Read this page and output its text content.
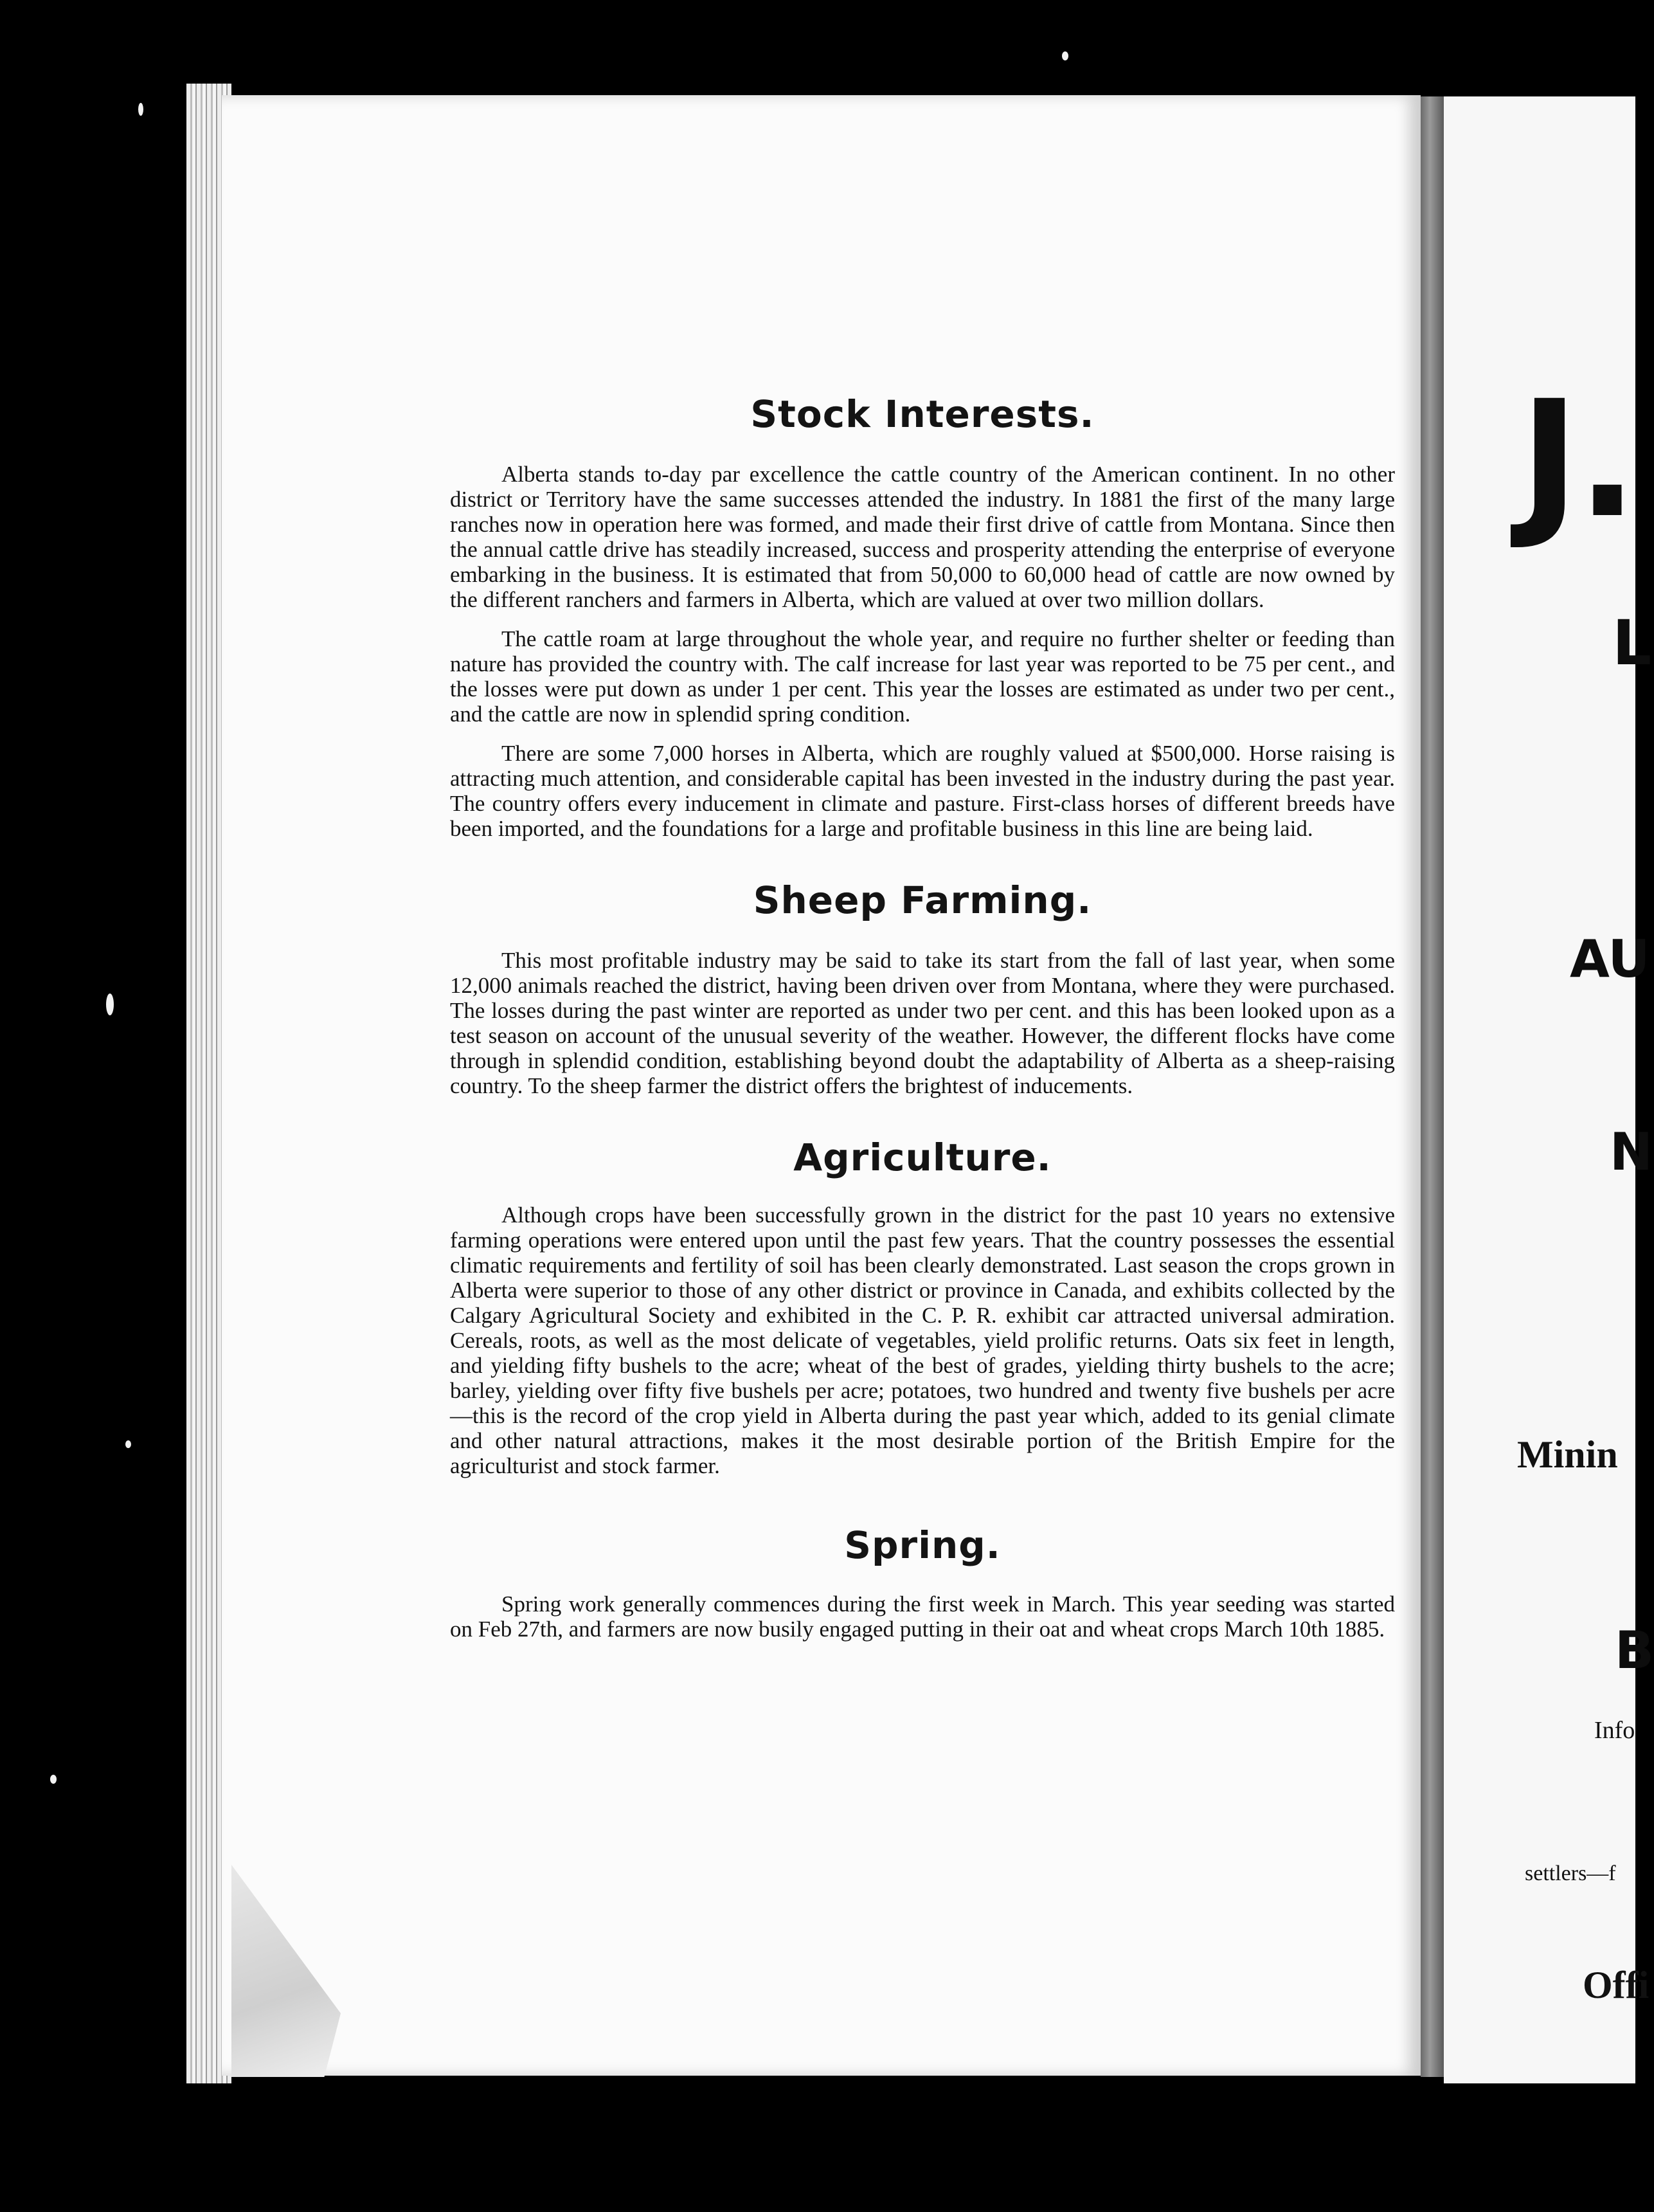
Stock Interests.

Alberta stands to-day par excellence the cattle country of the American continent. In no other district or Territory have the same successes attended the industry. In 1881 the first of the many large ranches now in operation here was formed, and made their first drive of cattle from Montana. Since then the annual cattle drive has steadily increased, success and prosperity attending the enterprise of everyone embarking in the business. It is estimated that from 50,000 to 60,000 head of cattle are now owned by the different ranchers and farmers in Alberta, which are valued at over two million dollars.

The cattle roam at large throughout the whole year, and require no further shelter or feeding than nature has provided the country with. The calf increase for last year was reported to be 75 per cent., and the losses were put down as under 1 per cent. This year the losses are estimated as under two per cent., and the cattle are now in splendid spring condition.

There are some 7,000 horses in Alberta, which are roughly valued at $500,000. Horse raising is attracting much attention, and considerable capital has been invested in the industry during the past year. The country offers every inducement in climate and pasture. First-class horses of different breeds have been imported, and the foundations for a large and profitable business in this line are being laid.

Sheep Farming.

This most profitable industry may be said to take its start from the fall of last year, when some 12,000 animals reached the district, having been driven over from Montana, where they were purchased. The losses during the past winter are reported as under two per cent. and this has been looked upon as a test season on account of the unusual severity of the weather. However, the different flocks have come through in splendid condition, establishing beyond doubt the adaptability of Alberta as a sheep-raising country. To the sheep farmer the district offers the brightest of inducements.

Agriculture.

Although crops have been successfully grown in the district for the past 10 years no extensive farming operations were entered upon until the past few years. That the country possesses the essential climatic requirements and fertility of soil has been clearly demonstrated. Last season the crops grown in Alberta were superior to those of any other district or province in Canada, and exhibits collected by the Calgary Agricultural Society and exhibited in the C. P. R. exhibit car attracted universal admiration. Cereals, roots, as well as the most delicate of vegetables, yield prolific returns. Oats six feet in length, and yielding fifty bushels to the acre; wheat of the best of grades, yielding thirty bushels to the acre; barley, yielding over fifty five bushels per acre; potatoes, two hundred and twenty five bushels per acre—this is the record of the crop yield in Alberta during the past year which, added to its genial climate and other natural attractions, makes it the most desirable portion of the British Empire for the agriculturist and stock farmer.

Spring.

Spring work generally commences during the first week in March. This year seeding was started on Feb 27th, and farmers are now busily engaged putting in their oat and wheat crops March 10th 1885.

J.
L
AU
N
Minin
B
Info
settlers—f
Offi
